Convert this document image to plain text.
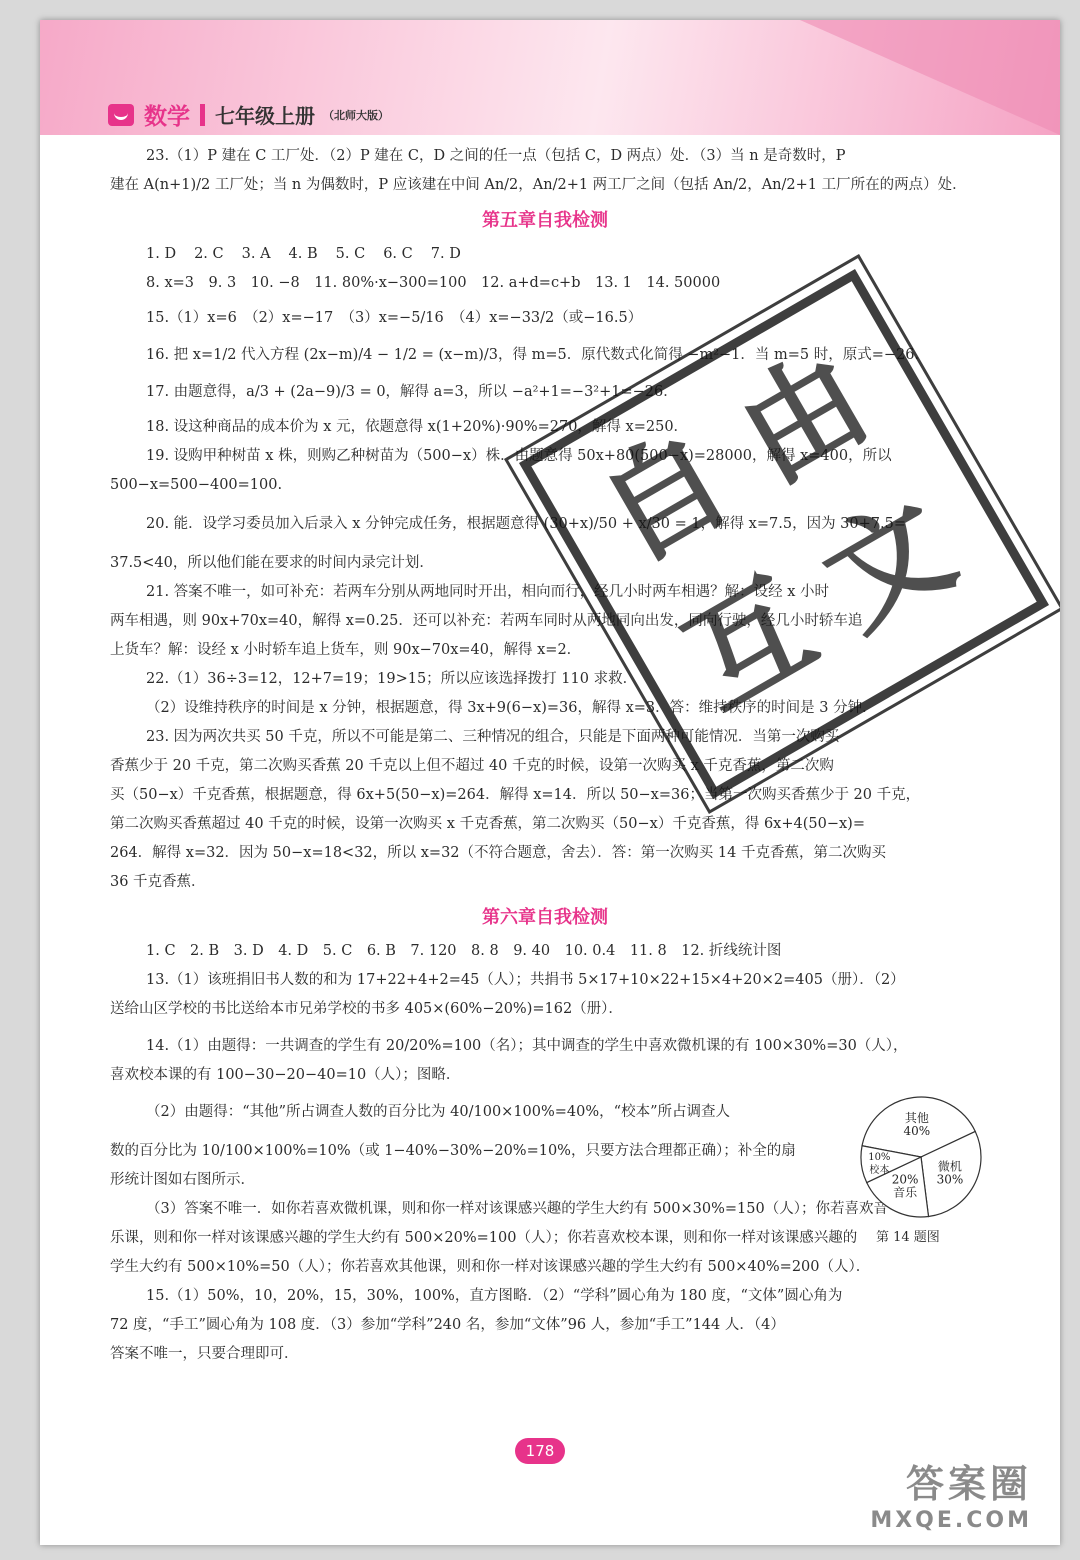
数学 七年级上册 （北师大版）

23.（1）P 建在 C 工厂处．（2）P 建在 C，D 之间的任一点（包括 C，D 两点）处．（3）当 n 是奇数时，P

建在 A(n+1)/2 工厂处；当 n 为偶数时，P 应该建在中间 An/2，An/2+1 两工厂之间（包括 An/2，An/2+1 工厂所在的两点）处．

第五章自我检测

1. D 2. C 3. A 4. B 5. C 6. C 7. D

8. x=3　9. 3　10. −8　11. 80%·x−300=100　12. a+d=c+b　13. 1　14. 50000

15.（1）x=6　（2）x=−17　（3）x=−5/16　（4）x=−33/2（或−16.5）

16. 把 x=1/2 代入方程 (2x−m)/4 − 1/2 = (x−m)/3，得 m=5．原代数式化简得 −m²−1．当 m=5 时，原式=−26．

17. 由题意得，a/3 + (2a−9)/3 = 0，解得 a=3，所以 −a²+1=−3²+1=−26．

18. 设这种商品的成本价为 x 元，依题意得 x(1+20%)·90%=270，解得 x=250．

19. 设购甲种树苗 x 株，则购乙种树苗为（500−x）株．由题意得 50x+80(500−x)=28000，解得 x=400，所以

500−x=500−400=100.

20. 能．设学习委员加入后录入 x 分钟完成任务，根据题意得 (30+x)/50 + x/30 = 1，解得 x=7.5，因为 30+7.5=

37.5<40，所以他们能在要求的时间内录完计划．

21. 答案不唯一，如可补充：若两车分别从两地同时开出，相向而行，经几小时两车相遇？解：设经 x 小时

两车相遇，则 90x+70x=40，解得 x=0.25．还可以补充：若两车同时从两地同向出发，同向行驶，经几小时轿车追

上货车？解：设经 x 小时轿车追上货车，则 90x−70x=40，解得 x=2．

22.（1）36÷3=12，12+7=19；19>15；所以应该选择拨打 110 求救．

（2）设维持秩序的时间是 x 分钟，根据题意，得 3x+9(6−x)=36，解得 x=3．答：维持秩序的时间是 3 分钟．

23. 因为两次共买 50 千克，所以不可能是第二、三种情况的组合，只能是下面两种可能情况．当第一次购买

香蕉少于 20 千克，第二次购买香蕉 20 千克以上但不超过 40 千克的时候，设第一次购买 x 千克香蕉，第二次购

买（50−x）千克香蕉，根据题意，得 6x+5(50−x)=264．解得 x=14．所以 50−x=36；当第一次购买香蕉少于 20 千克，

第二次购买香蕉超过 40 千克的时候，设第一次购买 x 千克香蕉，第二次购买（50−x）千克香蕉，得 6x+4(50−x)=

264．解得 x=32．因为 50−x=18<32，所以 x=32（不符合题意，舍去）．答：第一次购买 14 千克香蕉，第二次购买

36 千克香蕉．

第六章自我检测

1. C　2. B　3. D　4. D　5. C　6. B　7. 120　8. 8　9. 40　10. 0.4　11. 8　12. 折线统计图

13.（1）该班捐旧书人数的和为 17+22+4+2=45（人）；共捐书 5×17+10×22+15×4+20×2=405（册）．（2）

送给山区学校的书比送给本市兄弟学校的书多 405×(60%−20%)=162（册）．

14.（1）由题得：一共调查的学生有 20/20%=100（名）；其中调查的学生中喜欢微机课的有 100×30%=30（人），

喜欢校本课的有 100−30−20−40=10（人）；图略．

（2）由题得：“其他”所占调查人数的百分比为 40/100×100%=40%，“校本”所占调查人

数的百分比为 10/100×100%=10%（或 1−40%−30%−20%=10%，只要方法合理都正确）；补全的扇

形统计图如右图所示．

（3）答案不唯一．如你若喜欢微机课，则和你一样对该课感兴趣的学生大约有 500×30%=150（人）；你若喜欢音

乐课，则和你一样对该课感兴趣的学生大约有 500×20%=100（人）；你若喜欢校本课，则和你一样对该课感兴趣的

学生大约有 500×10%=50（人）；你若喜欢其他课，则和你一样对该课感兴趣的学生大约有 500×40%=200（人）．

15.（1）50%，10，20%，15，30%，100%，直方图略．（2）“学科”圆心角为 180 度，“文体”圆心角为

72 度，“手工”圆心角为 108 度．（3）参加“学科”240 名，参加“文体”96 人，参加“手工”144 人．（4）

答案不唯一，只要合理即可．

其他
40%
微机
30%
20%
音乐
10%
校本
第 14 题图
178
自
由
互
文
答案圈
MXQE.COM
